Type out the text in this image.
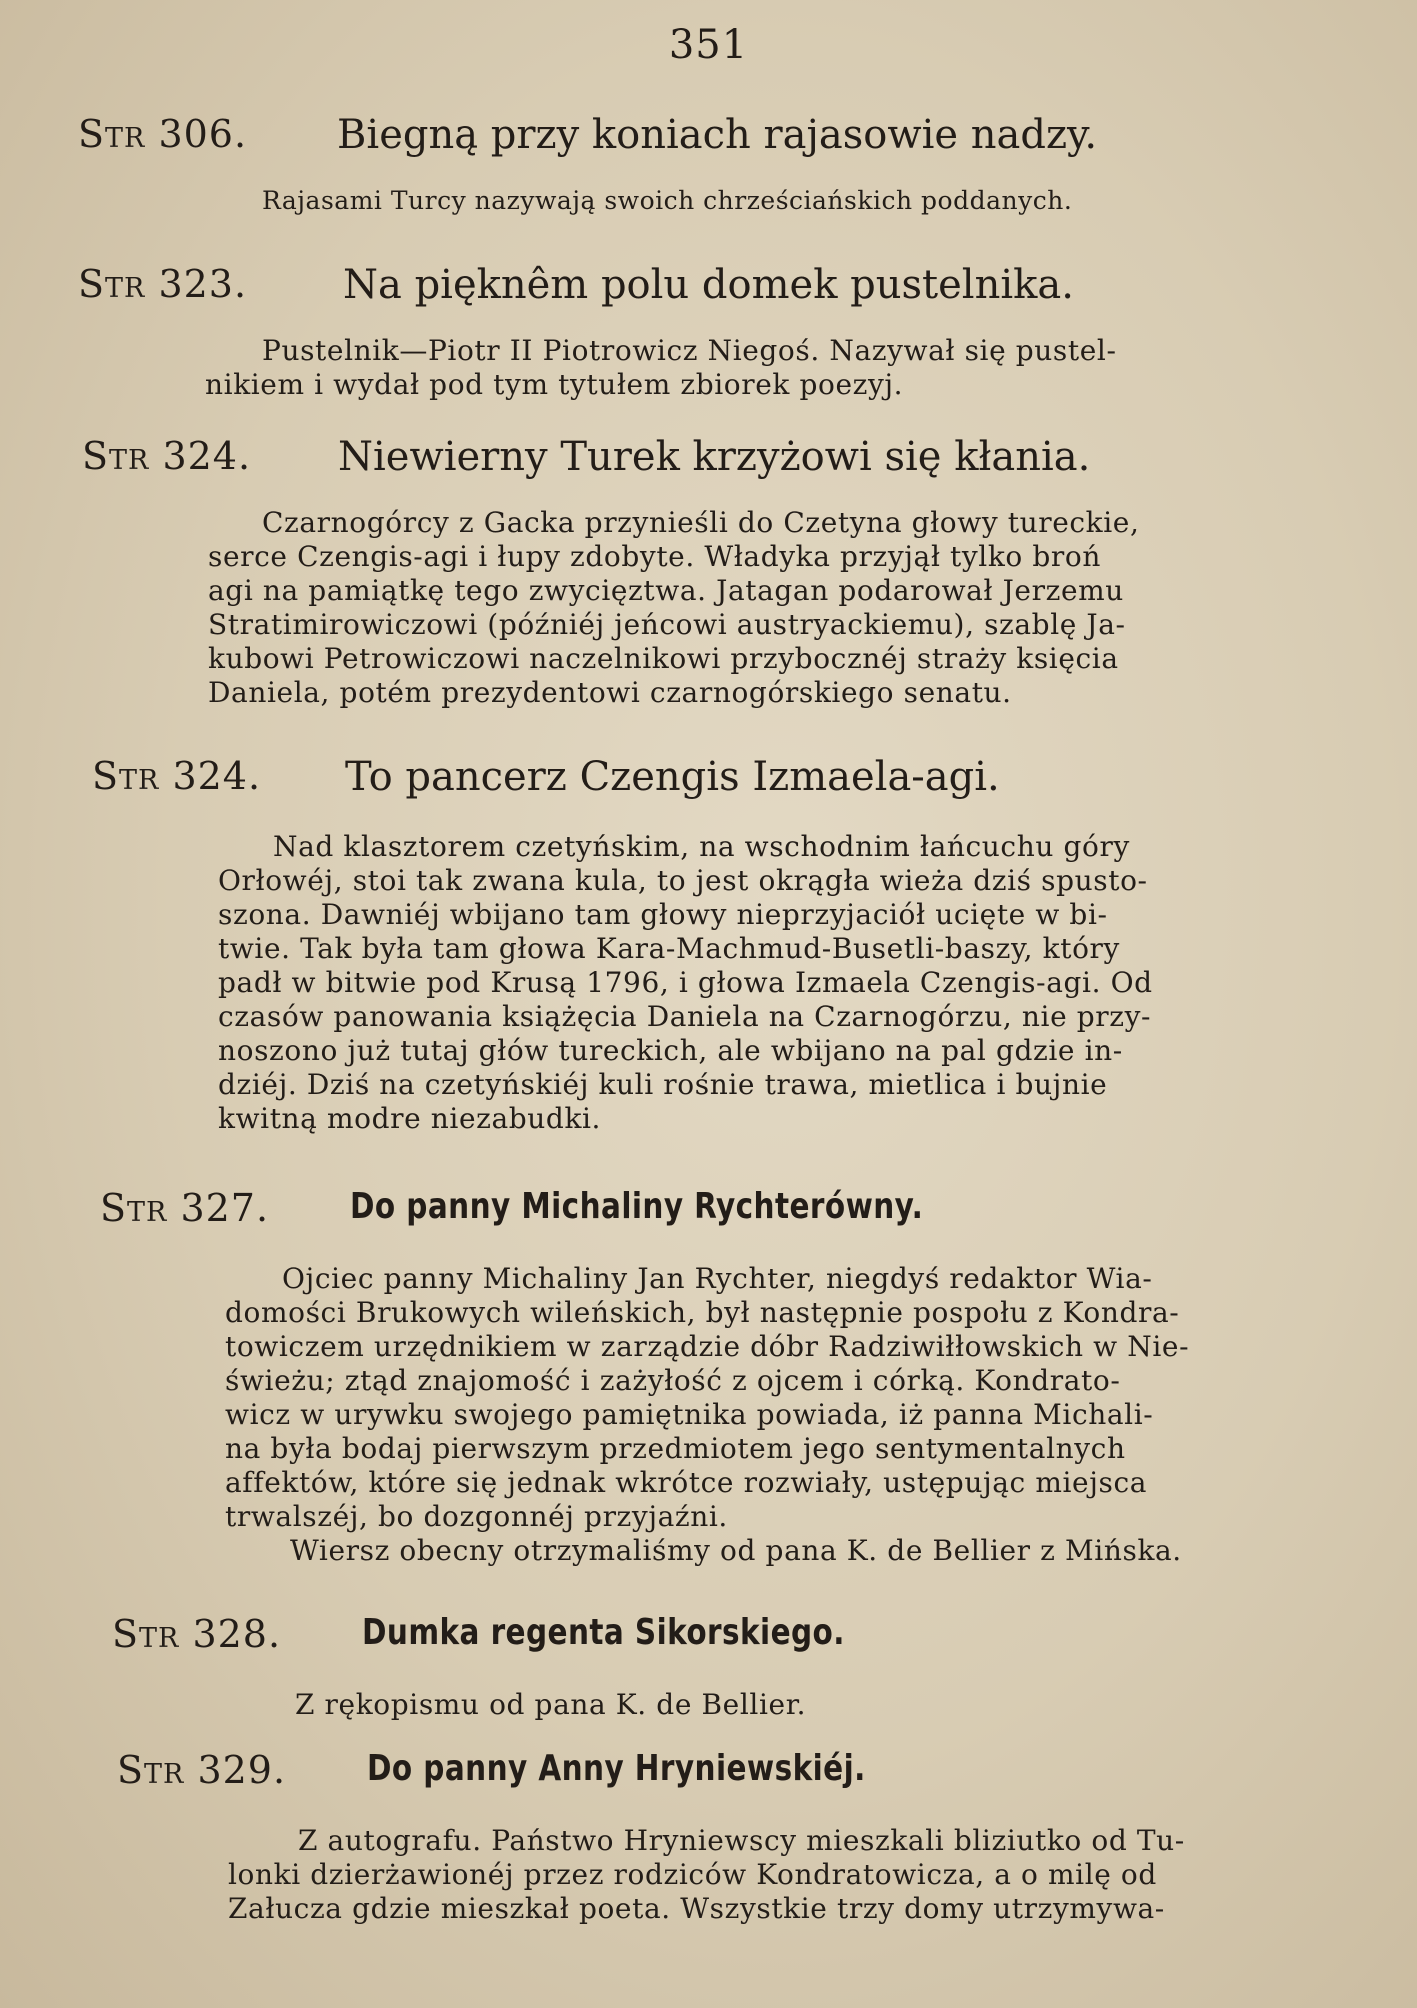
351
Str 306. Biegną przy koniach rajasowie nadzy.
Rajasami Turcy nazywają swoich chrześciańskich poddanych.
Str 323. Na pięknêm polu domek pustelnika.
Pustelnik—Piotr II Piotrowicz Niegoś. Nazywał się pustel-
nikiem i wydał pod tym tytułem zbiorek poezyj.
Str 324. Niewierny Turek krzyżowi się kłania.
Czarnogórcy z Gacka przynieśli do Czetyna głowy tureckie,
serce Czengis-agi i łupy zdobyte. Władyka przyjął tylko broń
agi na pamiątkę tego zwycięztwa. Jatagan podarował Jerzemu
Stratimirowiczowi (późniéj jeńcowi austryackiemu), szablę Ja-
kubowi Petrowiczowi naczelnikowi przybocznéj straży księcia
Daniela, potém prezydentowi czarnogórskiego senatu.
Str 324. To pancerz Czengis Izmaela-agi.
Nad klasztorem czetyńskim, na wschodnim łańcuchu góry
Orłowéj, stoi tak zwana kula, to jest okrągła wieża dziś spusto-
szona. Dawniéj wbijano tam głowy nieprzyjaciół ucięte w bi-
twie. Tak była tam głowa Kara-Machmud-Busetli-baszy, który
padł w bitwie pod Krusą 1796, i głowa Izmaela Czengis-agi. Od
czasów panowania książęcia Daniela na Czarnogórzu, nie przy-
noszono już tutaj głów tureckich, ale wbijano na pal gdzie in-
dziéj. Dziś na czetyńskiéj kuli rośnie trawa, mietlica i bujnie
kwitną modre niezabudki.
Str 327. Do panny Michaliny Rychterówny.
Ojciec panny Michaliny Jan Rychter, niegdyś redaktor Wia-
domości Brukowych wileńskich, był następnie pospołu z Kondra-
towiczem urzędnikiem w zarządzie dóbr Radziwiłłowskich w Nie-
świeżu; ztąd znajomość i zażyłość z ojcem i córką. Kondrato-
wicz w urywku swojego pamiętnika powiada, iż panna Michali-
na była bodaj pierwszym przedmiotem jego sentymentalnych
affektów, które się jednak wkrótce rozwiały, ustępując miejsca
trwalszéj, bo dozgonnéj przyjaźni.
Wiersz obecny otrzymaliśmy od pana K. de Bellier z Mińska.
Str 328. Dumka regenta Sikorskiego.
Z rękopismu od pana K. de Bellier.
Str 329. Do panny Anny Hryniewskiéj.
Z autografu. Państwo Hryniewscy mieszkali bliziutko od Tu-
lonki dzierżawionéj przez rodziców Kondratowicza, a o milę od
Załucza gdzie mieszkał poeta. Wszystkie trzy domy utrzymywa-
